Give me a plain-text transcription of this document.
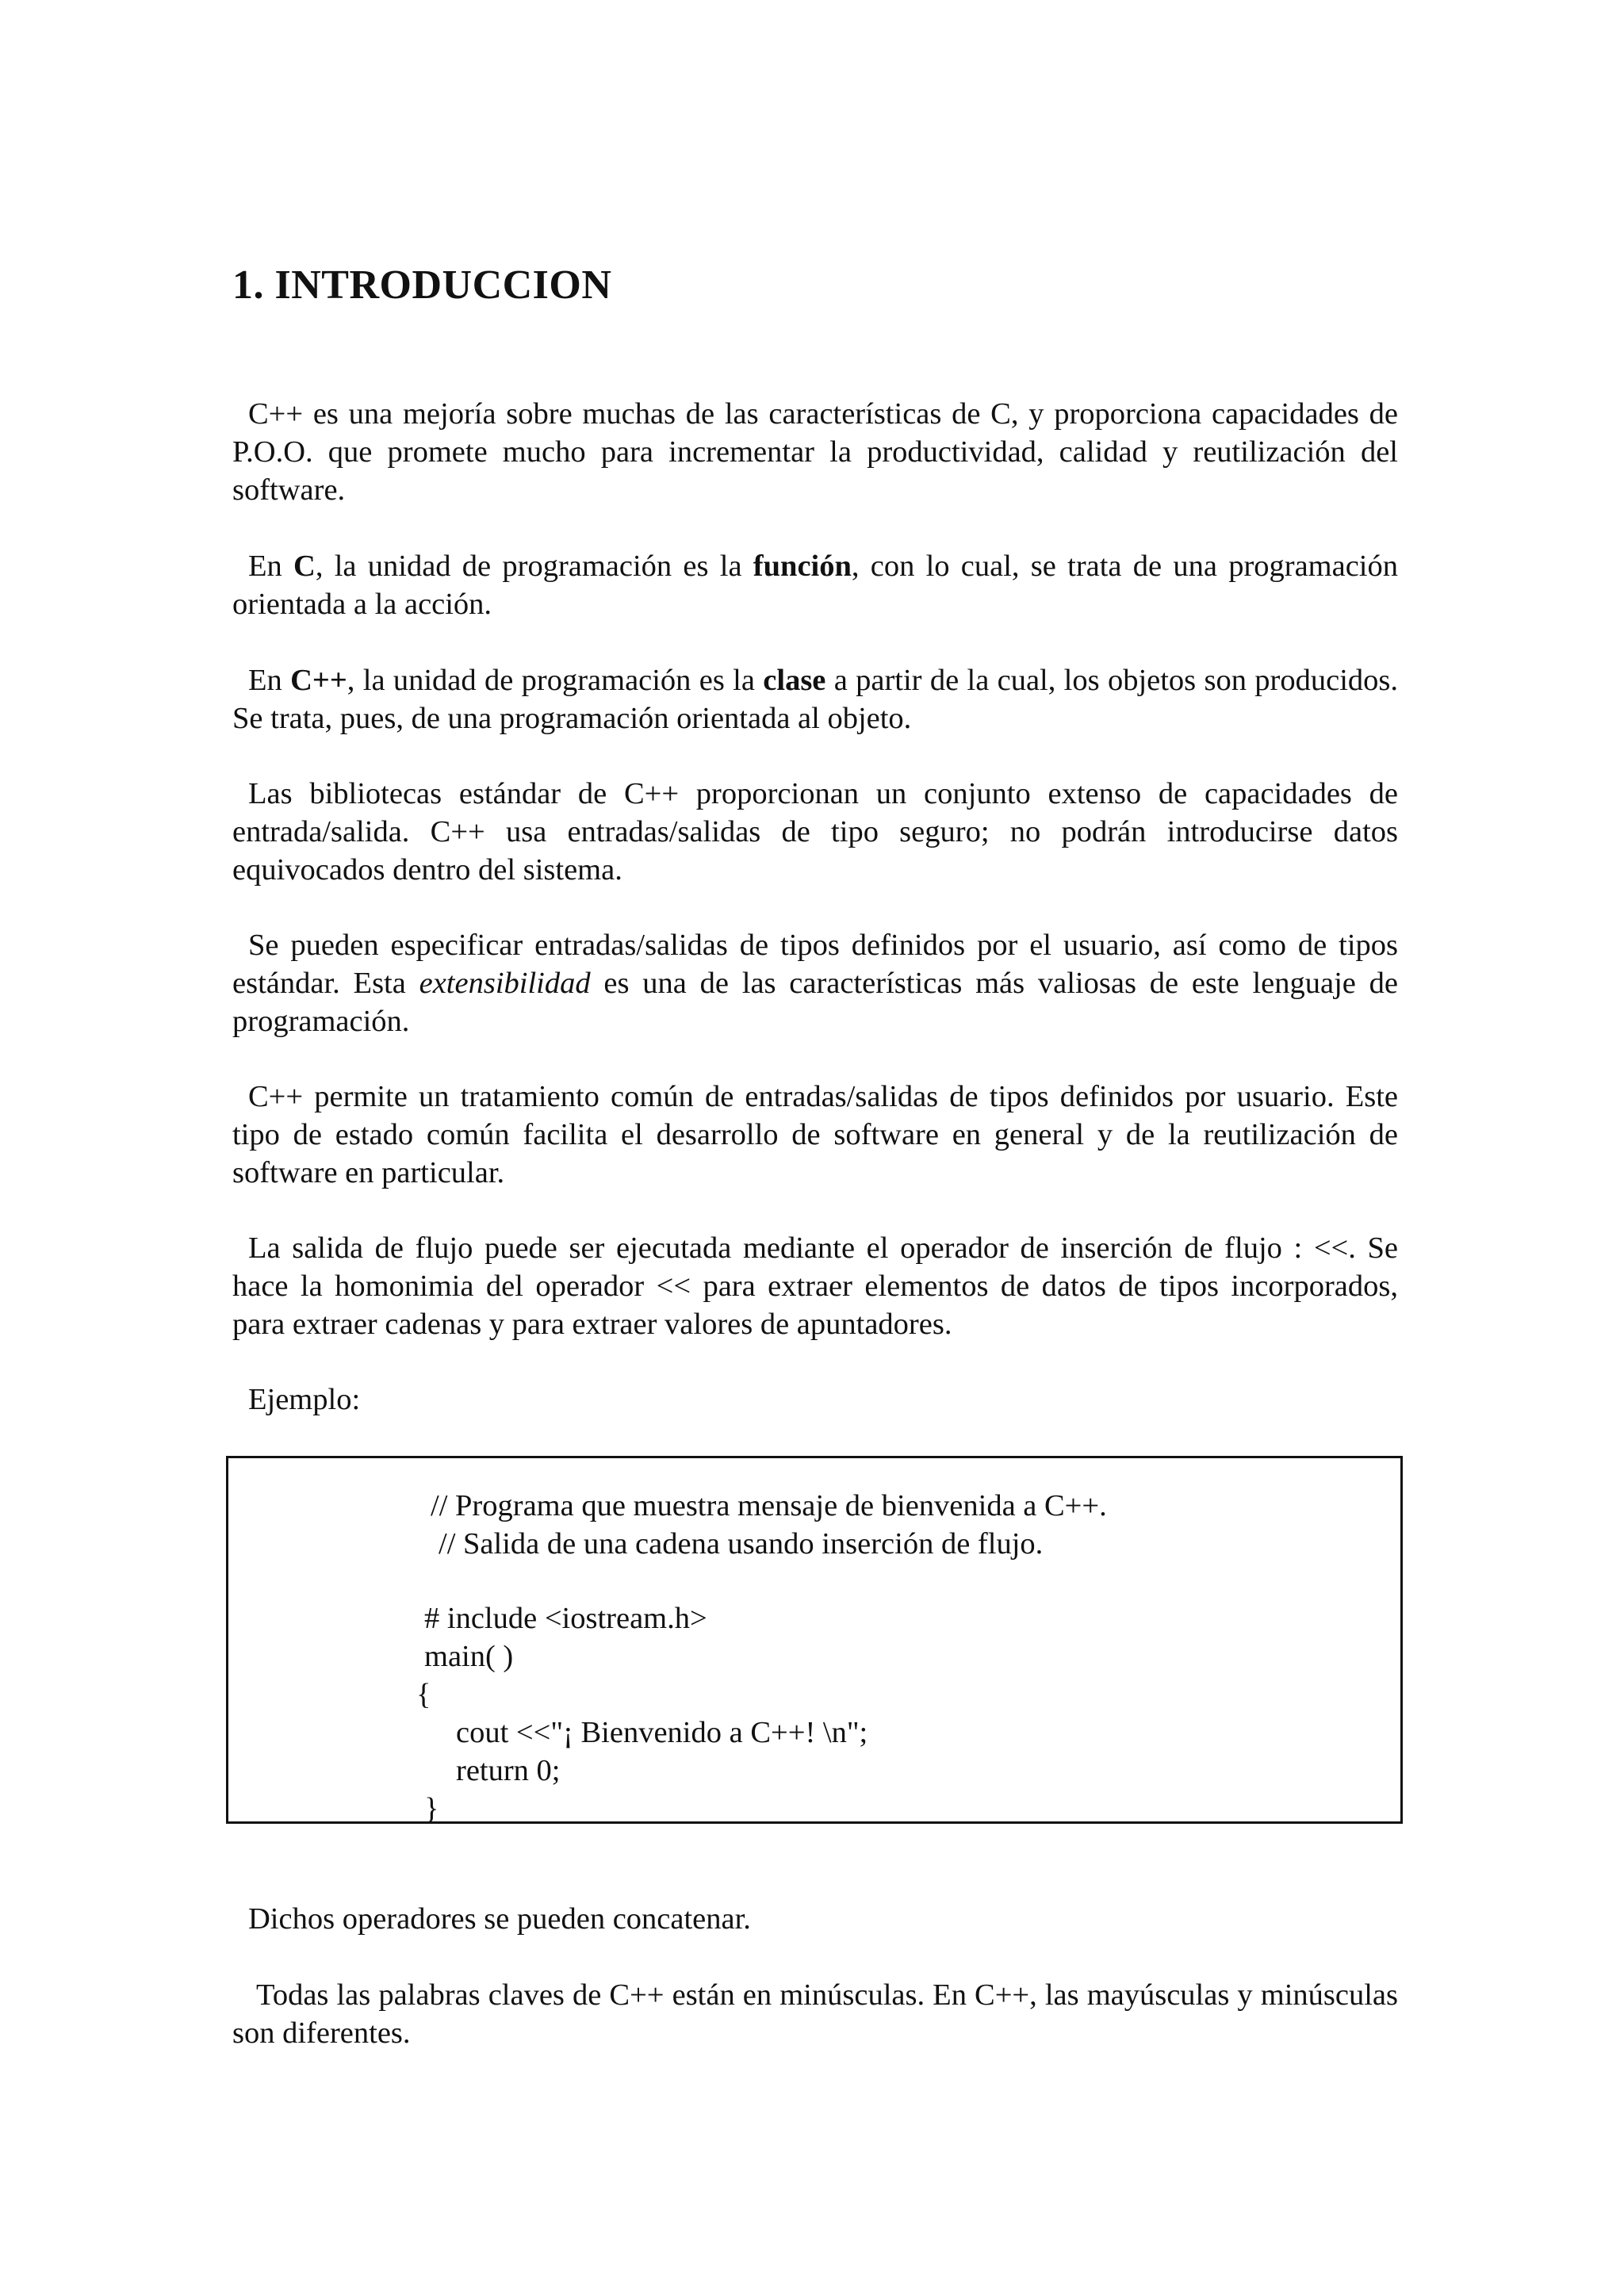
1. INTRODUCCION

C++ es una mejoría sobre muchas de las características de C, y proporciona capacidades de P.O.O. que promete mucho para incrementar la productividad, calidad y reutilización del software.

En C, la unidad de programación es la función, con lo cual, se trata de una programación orientada a la acción.

En C++, la unidad de programación es la clase a partir de la cual, los objetos son producidos. Se trata, pues, de una programación orientada al objeto.

Las bibliotecas estándar de C++ proporcionan un conjunto extenso de capacidades de entrada/salida. C++ usa entradas/salidas de tipo seguro; no podrán introducirse datos equivocados dentro del sistema.

Se pueden especificar entradas/salidas de tipos definidos por el usuario, así como de tipos estándar. Esta extensibilidad es una de las características más valiosas de este lenguaje de programación.

C++ permite un tratamiento común de entradas/salidas de tipos definidos por usuario. Este tipo de estado común facilita el desarrollo de software en general y de la reutilización de software en particular.

La salida de flujo puede ser ejecutada mediante el operador de inserción de flujo : <<. Se hace la homonimia del operador << para extraer elementos de datos de tipos incorporados, para extraer cadenas y para extraer valores de apuntadores.

Ejemplo:

// Programa que muestra mensaje de bienvenida a C++.
// Salida de una cadena usando inserción de flujo.
# include <iostream.h>
main( )
{
cout <<"¡ Bienvenido a C++! \n";
return 0;
}

Dichos operadores se pueden concatenar.

Todas las palabras claves de C++ están en minúsculas. En C++, las mayúsculas y minúsculas son diferentes.
